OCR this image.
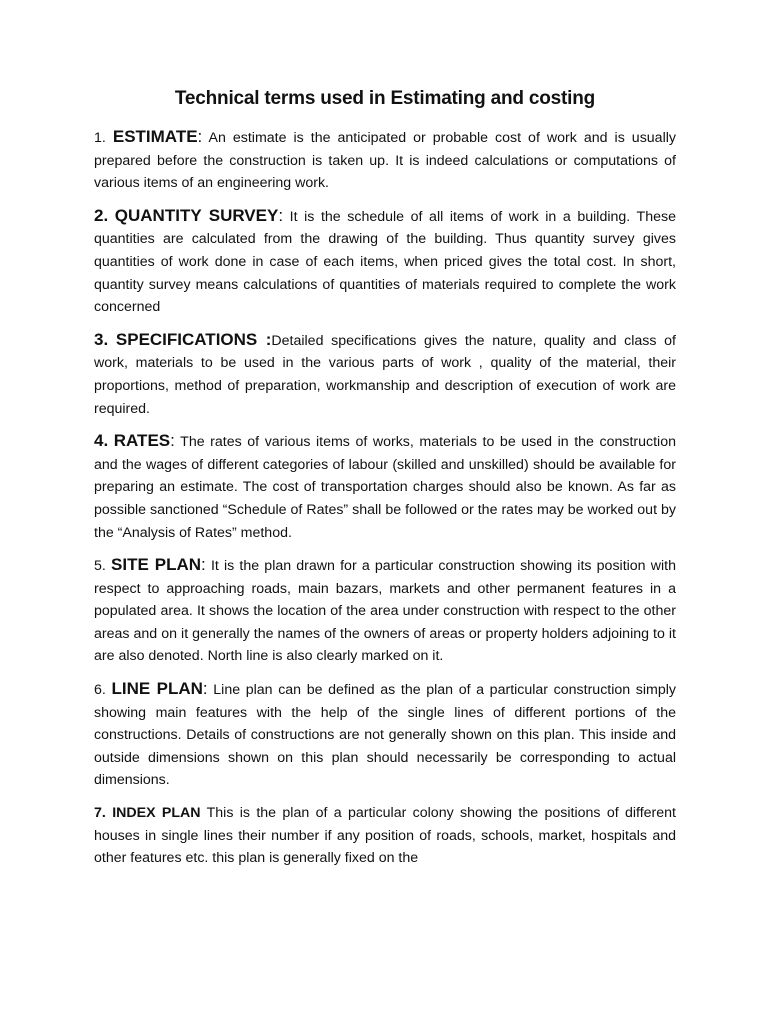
Technical terms used in Estimating and costing

1. ESTIMATE: An estimate is the anticipated or probable cost of work and is usually prepared before the construction is taken up. It is indeed calculations or computations of various items of an engineering work.

2. QUANTITY SURVEY: It is the schedule of all items of work in a building. These quantities are calculated from the drawing of the building. Thus quantity survey gives quantities of work done in case of each items, when priced gives the total cost. In short, quantity survey means calculations of quantities of materials required to complete the work concerned

3. SPECIFICATIONS :Detailed specifications gives the nature, quality and class of work, materials to be used in the various parts of work , quality of the material, their proportions, method of preparation, workmanship and description of execution of work are required.

4. RATES: The rates of various items of works, materials to be used in the construction and the wages of different categories of labour (skilled and unskilled) should be available for preparing an estimate. The cost of transportation charges should also be known. As far as possible sanctioned “Schedule of Rates” shall be followed or the rates may be worked out by the “Analysis of Rates” method.

5. SITE PLAN: It is the plan drawn for a particular construction showing its position with respect to approaching roads, main bazars, markets and other permanent features in a populated area. It shows the location of the area under construction with respect to the other areas and on it generally the names of the owners of areas or property holders adjoining to it are also denoted. North line is also clearly marked on it.

6. LINE PLAN: Line plan can be defined as the plan of a particular construction simply showing main features with the help of the single lines of different portions of the constructions. Details of constructions are not generally shown on this plan. This inside and outside dimensions shown on this plan should necessarily be corresponding to actual dimensions.

7. INDEX PLAN This is the plan of a particular colony showing the positions of different houses in single lines their number if any position of roads, schools, market, hospitals and other features etc. this plan is generally fixed on the
